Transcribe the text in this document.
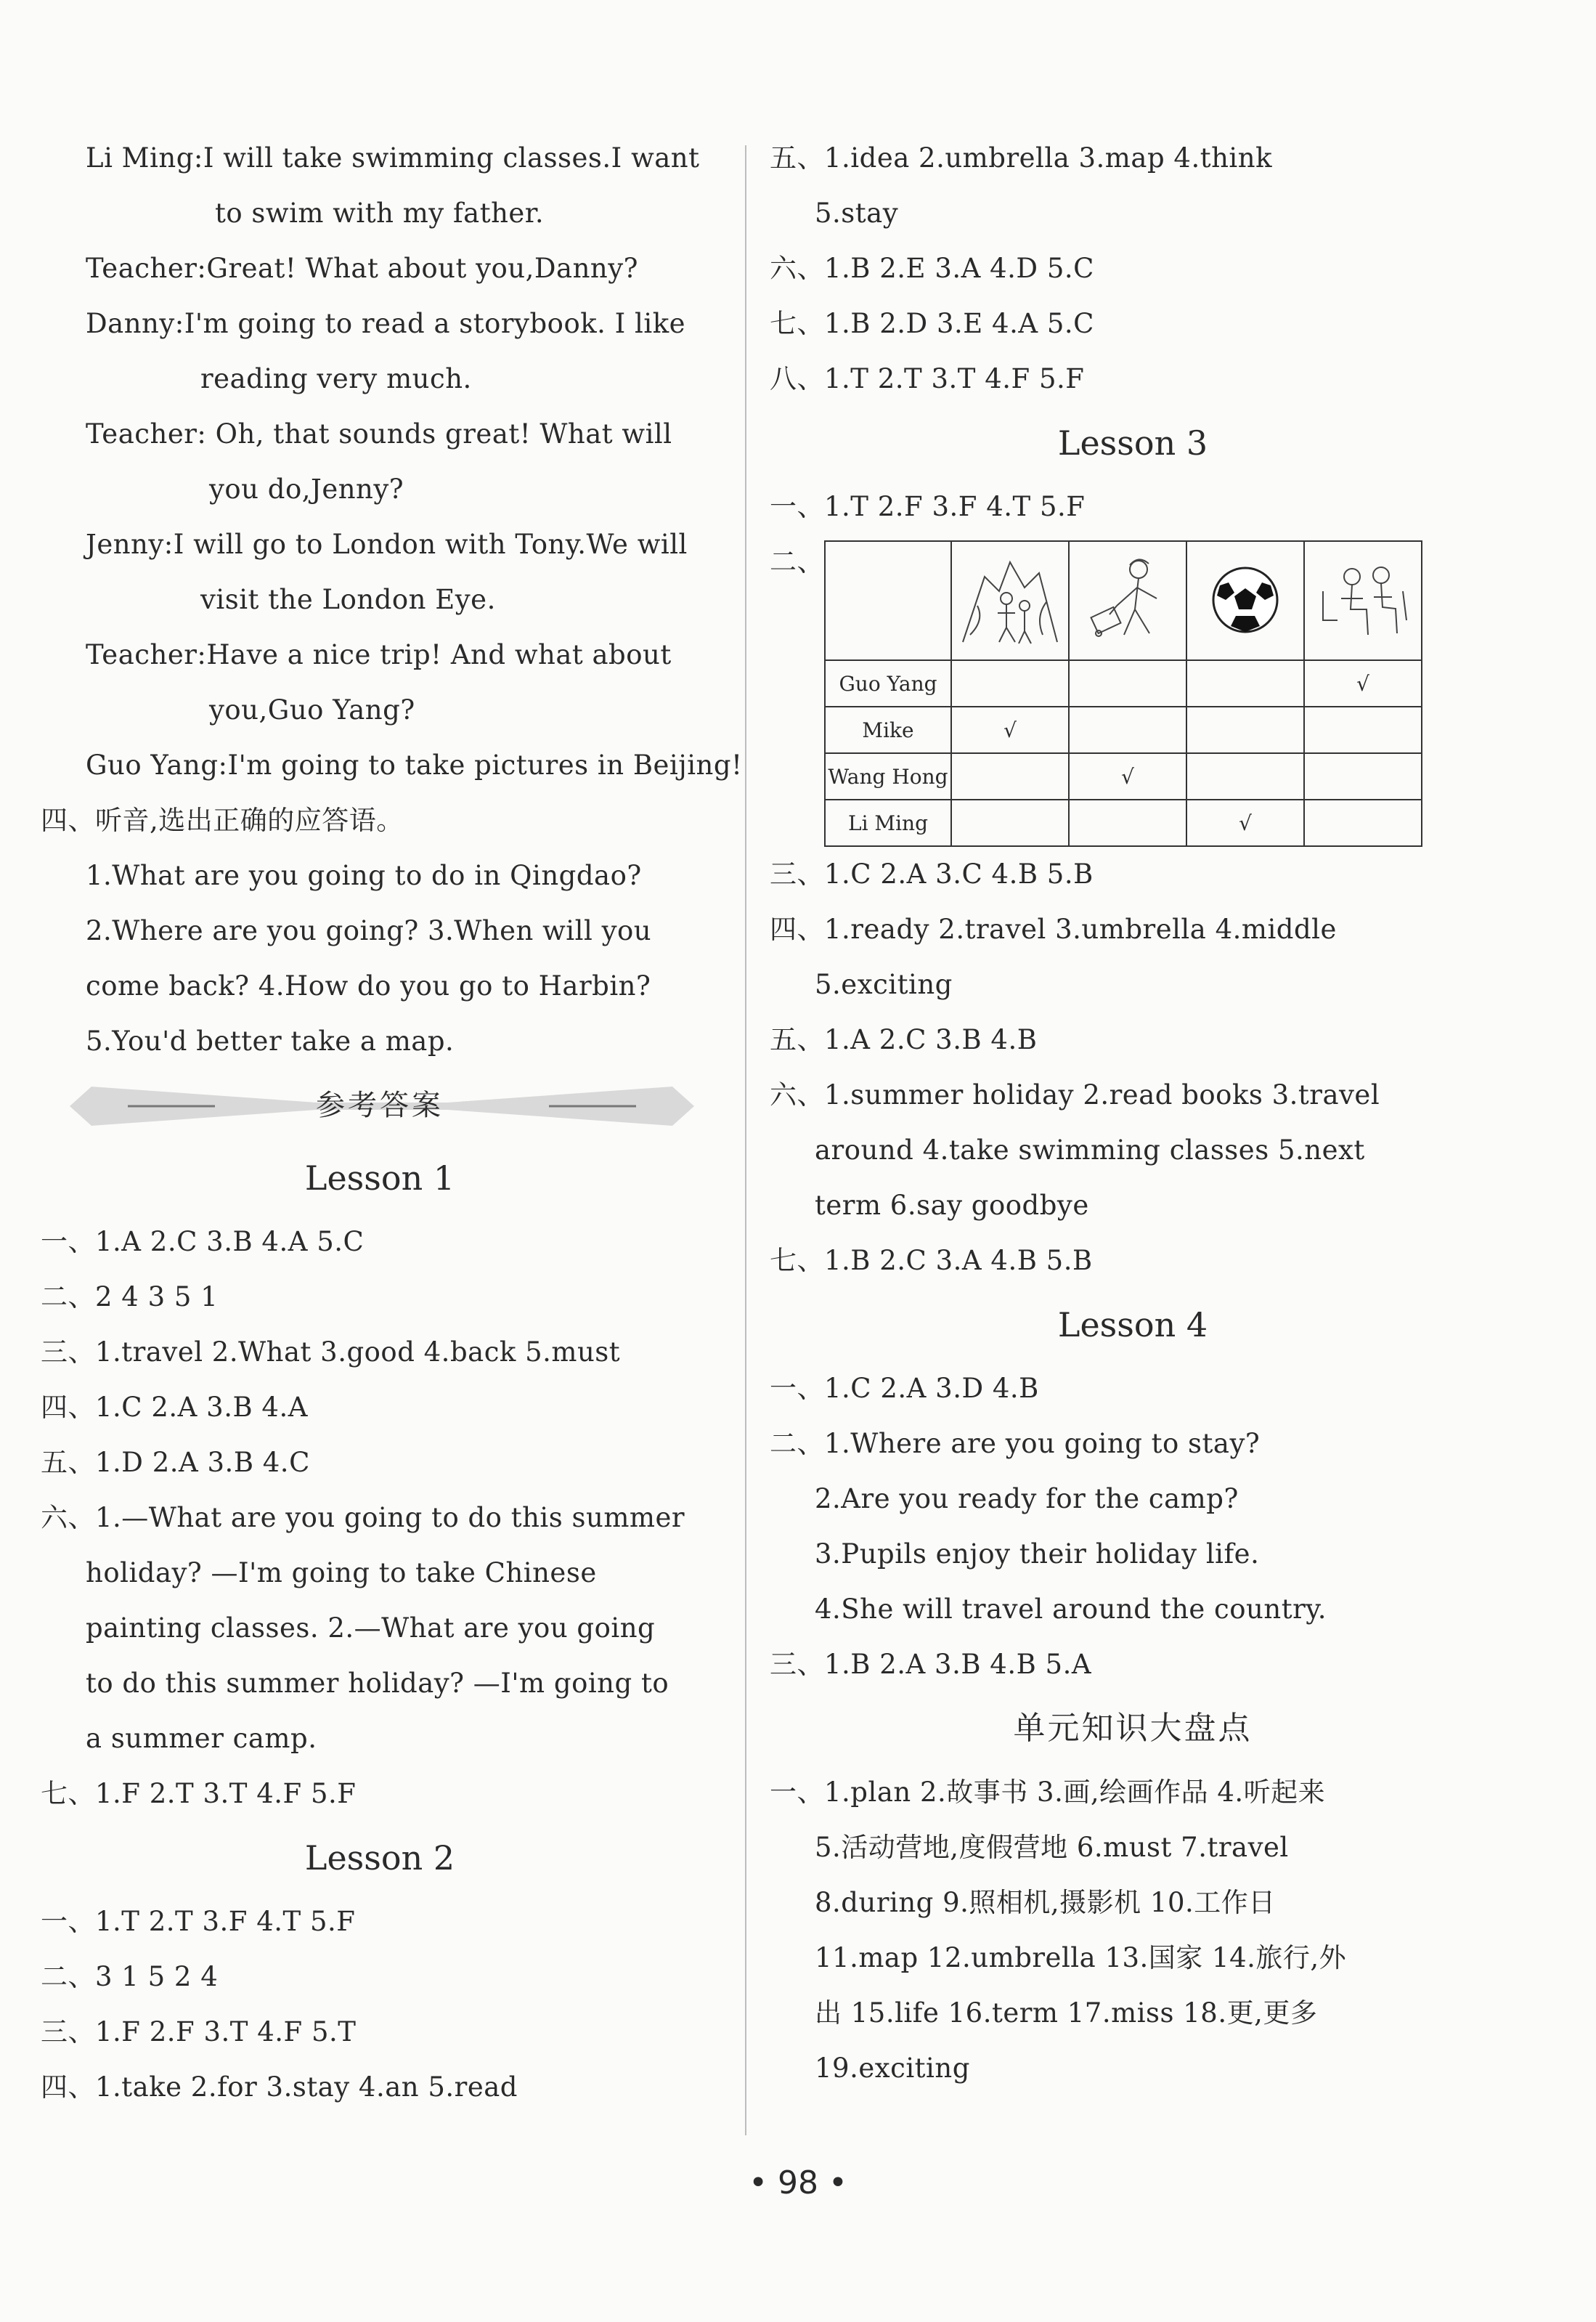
Li Ming:I will take swimming classes.I want
to swim with my father.
Teacher:Great! What about you,Danny?
Danny:I'm going to read a storybook. I like
reading very much.
Teacher: Oh, that sounds great! What will
you do,Jenny?
Jenny:I will go to London with Tony.We will
visit the London Eye.
Teacher:Have a nice trip! And what about
you,Guo Yang?
Guo Yang:I'm going to take pictures in Beijing!
四、听音,选出正确的应答语。
1.What are you going to do in Qingdao?
2.Where are you going? 3.When will you
come back? 4.How do you go to Harbin?
5.You'd better take a map.
参考答案
Lesson 1
一、1.A 2.C 3.B 4.A 5.C
二、2 4 3 5 1
三、1.travel 2.What 3.good 4.back 5.must
四、1.C 2.A 3.B 4.A
五、1.D 2.A 3.B 4.C
六、1.—What are you going to do this summer
holiday? —I'm going to take Chinese
painting classes. 2.—What are you going
to do this summer holiday? —I'm going to
a summer camp.
七、1.F 2.T 3.T 4.F 5.F
Lesson 2
一、1.T 2.T 3.F 4.T 5.F
二、3 1 5 2 4
三、1.F 2.F 3.T 4.F 5.T
四、1.take 2.for 3.stay 4.an 5.read
五、1.idea 2.umbrella 3.map 4.think
5.stay
六、1.B 2.E 3.A 4.D 5.C
七、1.B 2.D 3.E 4.A 5.C
八、1.T 2.T 3.T 4.F 5.F
Lesson 3
一、1.T 2.F 3.F 4.T 5.F
二、

Guo Yang				√
Mike	√			
Wang Hong		√		
Li Ming			√	
三、1.C 2.A 3.C 4.B 5.B
四、1.ready 2.travel 3.umbrella 4.middle
5.exciting
五、1.A 2.C 3.B 4.B
六、1.summer holiday 2.read books 3.travel
around 4.take swimming classes 5.next
term 6.say goodbye
七、1.B 2.C 3.A 4.B 5.B
Lesson 4
一、1.C 2.A 3.D 4.B
二、1.Where are you going to stay?
2.Are you ready for the camp?
3.Pupils enjoy their holiday life.
4.She will travel around the country.
三、1.B 2.A 3.B 4.B 5.A
单元知识大盘点
一、1.plan 2.故事书 3.画,绘画作品 4.听起来
5.活动营地,度假营地 6.must 7.travel
8.during 9.照相机,摄影机 10.工作日
11.map 12.umbrella 13.国家 14.旅行,外
出 15.life 16.term 17.miss 18.更,更多
19.exciting
• 98 •
